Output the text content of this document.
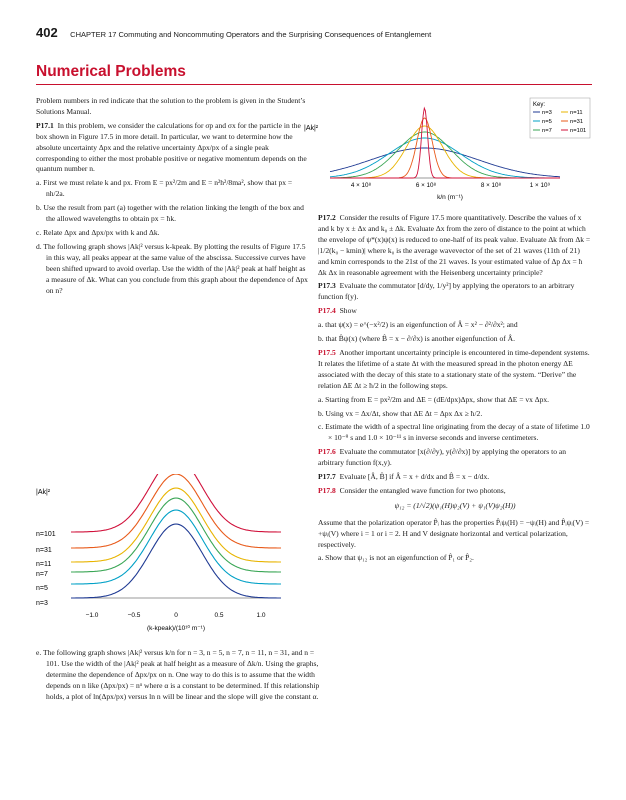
402 CHAPTER 17 Commuting and Noncommuting Operators and the Surprising Consequences of Entanglement
Numerical Problems

Problem numbers in red indicate that the solution to the problem is given in the Student’s Solutions Manual.

P17.1 In this problem, we consider the calculations for σp and σx for the particle in the box shown in Figure 17.5 in more detail. In particular, we want to determine how the absolute uncertainty Δpx and the relative uncertainty Δpx/px of a single peak corresponding to either the most probable positive or negative momentum depends on the quantum number n.

a. First we must relate k and px. From E = px²/2m and E = n²h²/8ma², show that px = nh/2a.

b. Use the result from part (a) together with the relation linking the length of the box and the allowed wavelengths to obtain px = ħk.

c. Relate Δpx and Δpx/px with k and Δk.

d. The following graph shows |Ak|² versus k-kpeak. By plotting the results of Figure 17.5 in this way, all peaks appear at the same value of the abscissa. Successive curves have been shifted upward to avoid overlap. Use the width of the |Ak|² peak at half height as a measure of Δk. What can you conclude from this graph about the dependence of Δpx on n?

|Ak|²
n=101
n=31
n=11
n=7
n=5
n=3
−1.0	−0.5	0	0.5	1.0
(k-kpeak)/(10¹⁰ m⁻¹)

e. The following graph shows |Ak|² versus k/n for n = 3, n = 5, n = 7, n = 11, n = 31, and n = 101. Use the width of the |Ak|² peak at half height as a measure of Δk/n. Using the graphs, determine the dependence of Δpx/px on n. One way to do this is to assume that the width depends on n like (Δpx/px) = nᵅ where α is a constant to be determined. If this relationship holds, a plot of ln(Δpx/px) versus ln n will be linear and the slope will give the constant α.

|Ak|²
4 × 10⁸	6 × 10⁸	8 × 10⁸	1 × 10⁹
k/n (m⁻¹)
Key:
n=3
n=5
n=7
n=11
n=31
n=101

P17.2 Consider the results of Figure 17.5 more quantitatively. Describe the values of x and k by x ± Δx and k₀ ± Δk. Evaluate Δx from the zero of distance to the point at which the envelope of ψ*(x)ψ(x) is reduced to one-half of its peak value. Evaluate Δk from Δk = |1/2(k₀ − kmin)| where k₀ is the average wavevector of the set of 21 waves (11th of 21) and kmin corresponds to the 21st of the 21 waves. Is your estimated value of Δp Δx = ħ Δk Δx in reasonable agreement with the Heisenberg uncertainty principle?

P17.3 Evaluate the commutator [d/dy, 1/y²] by applying the operators to an arbitrary function f(y).

P17.4 Show

a. that ψ(x) = e^(−x²/2) is an eigenfunction of Â = x² − ∂²/∂x²; and

b. that B̂ψ(x) (where B̂ = x − ∂/∂x) is another eigenfunction of Â.

P17.5 Another important uncertainty principle is encountered in time-dependent systems. It relates the lifetime of a state Δt with the measured spread in the photon energy ΔE associated with the decay of this state to a stationary state of the system. “Derive” the relation ΔE Δt ≥ ħ/2 in the following steps.

a. Starting from E = px²/2m and ΔE = (dE/dpx)Δpx, show that ΔE = vx Δpx.

b. Using vx = Δx/Δt, show that ΔE Δt = Δpx Δx ≥ ħ/2.

c. Estimate the width of a spectral line originating from the decay of a state of lifetime 1.0 × 10⁻⁹ s and 1.0 × 10⁻¹¹ s in inverse seconds and inverse centimeters.

P17.6 Evaluate the commutator [x(∂/∂y), y(∂/∂x)] by applying the operators to an arbitrary function f(x,y).

P17.7 Evaluate [Â, B̂] if Â = x + d/dx and B̂ = x − d/dx.

P17.8 Consider the entangled wave function for two photons,

ψ₁₂ = (1/√2)(ψ₁(H)ψ₂(V) + ψ₁(V)ψ₂(H))

Assume that the polarization operator P̂ᵢ has the properties P̂ᵢψᵢ(H) = −ψᵢ(H) and P̂ᵢψᵢ(V) = +ψᵢ(V) where i = 1 or i = 2. H and V designate horizontal and vertical polarization, respectively.

a. Show that ψ₁₂ is not an eigenfunction of P̂₁ or P̂₂.
